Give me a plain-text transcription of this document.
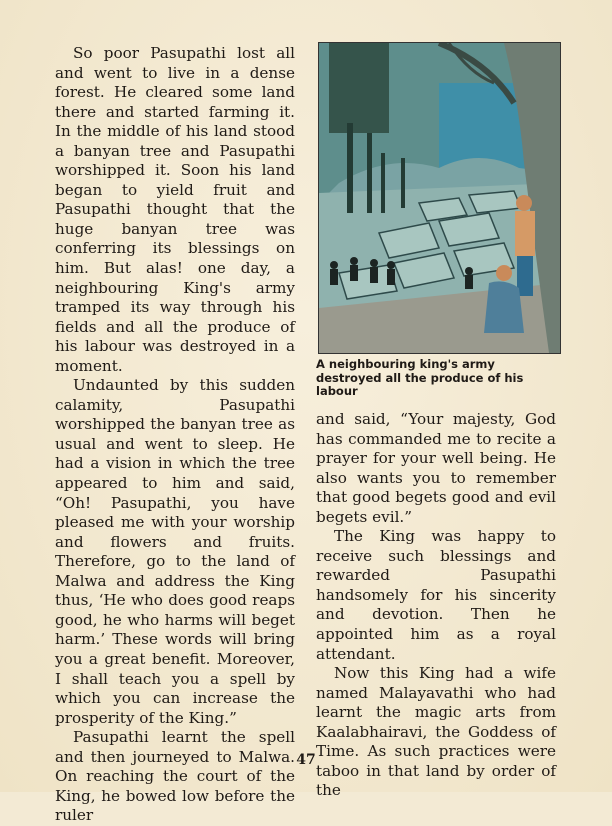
So poor Pasupathi lost all and went to live in a dense forest. He cleared some land there and started farming it. In the middle of his land stood a banyan tree and Pasupathi worshipped it. Soon his land began to yield fruit and Pasupathi thought that the huge banyan tree was conferring its blessings on him. But alas! one day, a neighbouring King's army tramped its way through his fields and all the produce of his labour was destroyed in a moment.

Undaunted by this sudden calamity, Pasupathi worshipped the banyan tree as usual and went to sleep. He had a vision in which the tree appeared to him and said, “Oh! Pasupathi, you have pleased me with your worship and flowers and fruits. Therefore, go to the land of Malwa and address the King thus, ‘He who does good reaps good, he who harms will beget harm.’ These words will bring you a great benefit. Moreover, I shall teach you a spell by which you can increase the prosperity of the King.”

Pasupathi learnt the spell and then journeyed to Malwa. On reaching the court of the King, he bowed low before the ruler

A neighbouring king's army destroyed all the produce of his labour

and said, “Your majesty, God has commanded me to recite a prayer for your well being. He also wants you to remember that good begets good and evil begets evil.”

The King was happy to receive such blessings and rewarded Pasupathi handsomely for his sincerity and devotion. Then he appointed him as a royal attendant.

Now this King had a wife named Malayavathi who had learnt the magic arts from Kaalabhairavi, the Goddess of Time. As such practices were taboo in that land by order of the

47
